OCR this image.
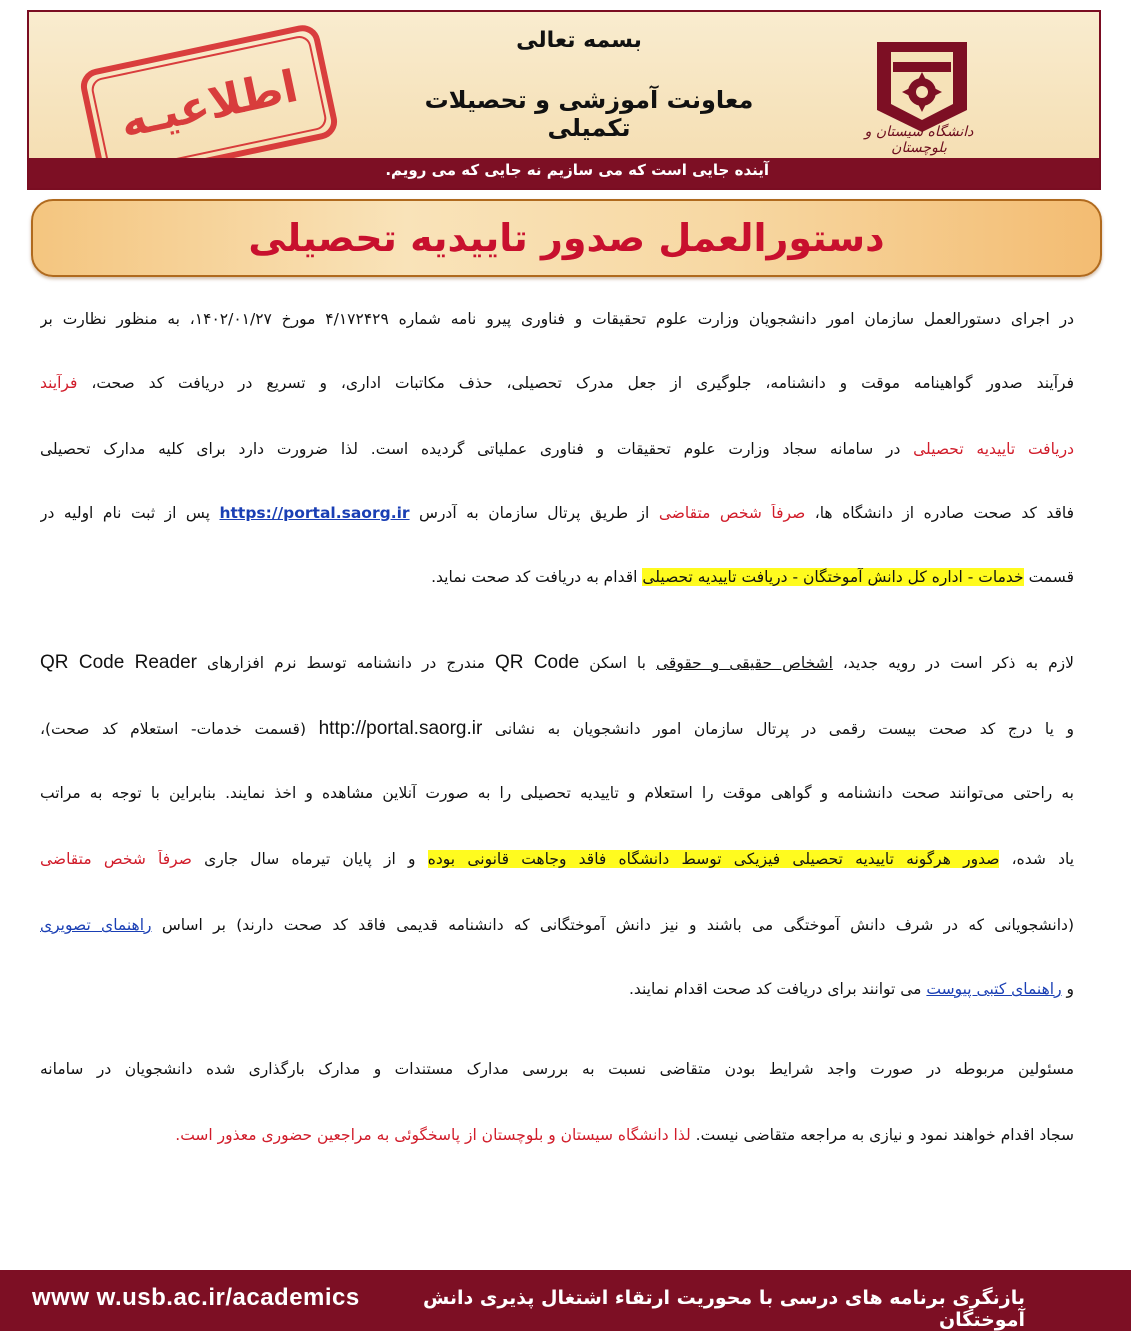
اطلاعیـه
بسمه تعالی
معاونت آموزشی و تحصیلات تکمیلی	دانشگاه سیستان و بلوچستان
آینده جایی است که می سازیم نه جایی که می رویم.
دستورالعمل صدور تاییدیه تحصیلی
در اجرای دستورالعمل سازمان امور دانشجویان وزارت علوم تحقیقات و فناوری پیرو نامه شماره ۴/۱۷۲۴۲۹ مورخ ۱۴۰۲/۰۱/۲۷، به منظور نظارت بر
فرآیند صدور گواهینامه موقت و دانشنامه، جلوگیری از جعل مدرک تحصیلی، حذف مکاتبات اداری، و تسریع در دریافت کد صحت، فرآیند
دریافت تاییدیه تحصیلی در سامانه سجاد وزارت علوم تحقیقات و فناوری عملیاتی گردیده است. لذا ضرورت دارد برای کلیه مدارک تحصیلی
فاقد کد صحت صادره از دانشگاه ها، صرفاً شخص متقاضی از طریق پرتال سازمان به آدرس https://portal.saorg.ir پس از ثبت نام اولیه در
قسمت خدمات - اداره کل دانش آموختگان - دریافت تاییدیه تحصیلی اقدام به دریافت کد صحت نماید.
لازم به ذکر است در رویه جدید، اشخاص حقیقی و حقوقی با اسکن QR Code مندرج در دانشنامه توسط نرم افزارهای QR Code Reader
و یا درج کد صحت بیست رقمی در پرتال سازمان امور دانشجویان به نشانی http://portal.saorg.ir (قسمت خدمات- استعلام کد صحت)،
به راحتی می‌توانند صحت دانشنامه و گواهی موقت را استعلام و تاییدیه تحصیلی را به صورت آنلاین مشاهده و اخذ نمایند. بنابراین با توجه به مراتب
یاد شده، صدور هرگونه تاییدیه تحصیلی فیزیکی توسط دانشگاه فاقد وجاهت قانونی بوده و از پایان تیرماه سال جاری صرفاً شخص متقاضی
(دانشجویانی که در شرف دانش آموختگی می باشند و نیز دانش آموختگانی که دانشنامه قدیمی فاقد کد صحت دارند) بر اساس راهنمای تصویری
و راهنمای کتبی پیوست می توانند برای دریافت کد صحت اقدام نمایند.
مسئولین مربوطه در صورت واجد شرایط بودن متقاضی نسبت به بررسی مدارک مستندات و مدارک بارگذاری شده دانشجویان در سامانه
سجاد اقدام خواهند نمود و نیازی به مراجعه متقاضی نیست. لذا دانشگاه سیستان و بلوچستان از پاسخگوئی به مراجعین حضوری معذور است.
www w.usb.ac.ir/academics	بازنگری برنامه های درسی با محوریت ارتقاء اشتغال پذیری دانش آموختگان
